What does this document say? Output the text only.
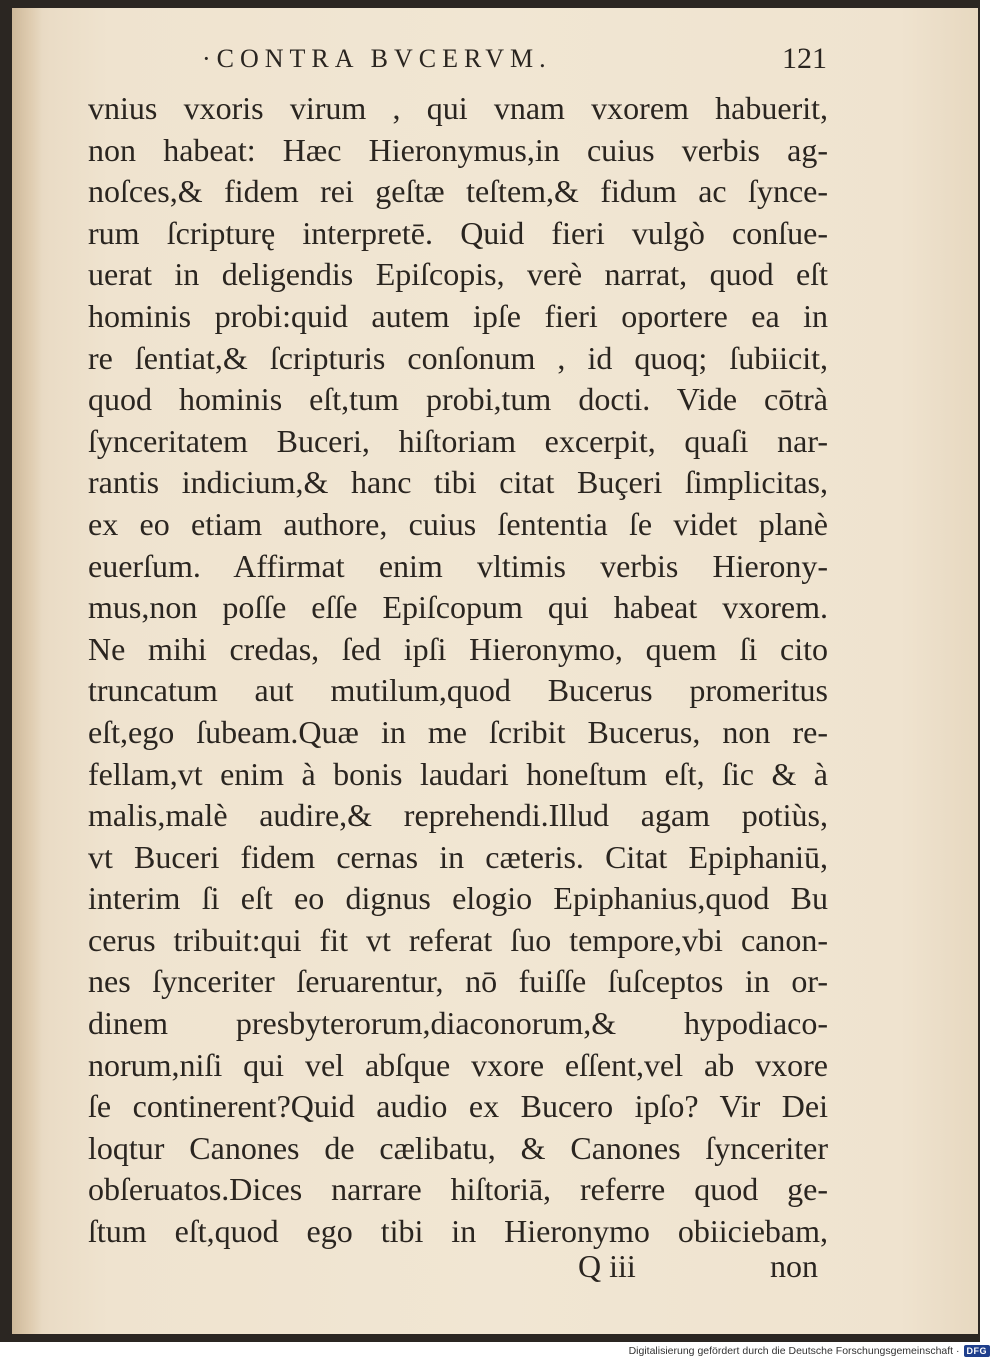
·CONTRA BVCERVM.	121
vnius vxoris virum , qui vnam vxorem habuerit,
non habeat: Hæc Hieronymus,in cuius verbis ag-
noſces,& fidem rei geſtæ teſtem,& fidum ac ſynce-
rum ſcripturę interpretē. Quid fieri vulgò conſue-
uerat in deligendis Epiſcopis, verè narrat, quod eſt
hominis probi:quid autem ipſe fieri oportere ea in
re ſentiat,& ſcripturis conſonum , id quoq; ſubiicit,
quod hominis eſt,tum probi,tum docti. Vide cōtrà
ſynceritatem Buceri, hiſtoriam excerpit, quaſi nar-
rantis indicium,& hanc tibi citat Buçeri ſimplicitas,
ex eo etiam authore, cuius ſententia ſe videt planè
euerſum. Affirmat enim vltimis verbis Hierony-
mus,non poſſe eſſe Epiſcopum qui habeat vxorem.
Ne mihi credas, ſed ipſi Hieronymo, quem ſi cito
truncatum aut mutilum,quod Bucerus promeritus
eſt,ego ſubeam.Quæ in me ſcribit Bucerus, non re-
fellam,vt enim à bonis laudari honeſtum eſt, ſic & à
malis,malè audire,& reprehendi.Illud agam potiùs,
vt Buceri fidem cernas in cæteris. Citat Epiphaniū,
interim ſi eſt eo dignus elogio Epiphanius,quod Bu
cerus tribuit:qui fit vt referat ſuo tempore,vbi canon-
nes ſynceriter ſeruarentur, nō fuiſſe ſuſceptos in or-
dinem presbyterorum,diaconorum,& hypodiaco-
norum,niſi qui vel abſque vxore eſſent,vel ab vxore
ſe continerent?Quid audio ex Bucero ipſo? Vir Dei
loqtur Canones de cælibatu, & Canones ſynceriter
obſeruatos.Dices narrare hiſtoriā, referre quod ge-
ſtum eſt,quod ego tibi in Hieronymo obiiciebam,
Q iii	non
Digitalisierung gefördert durch die Deutsche Forschungsgemeinschaft · DFG
